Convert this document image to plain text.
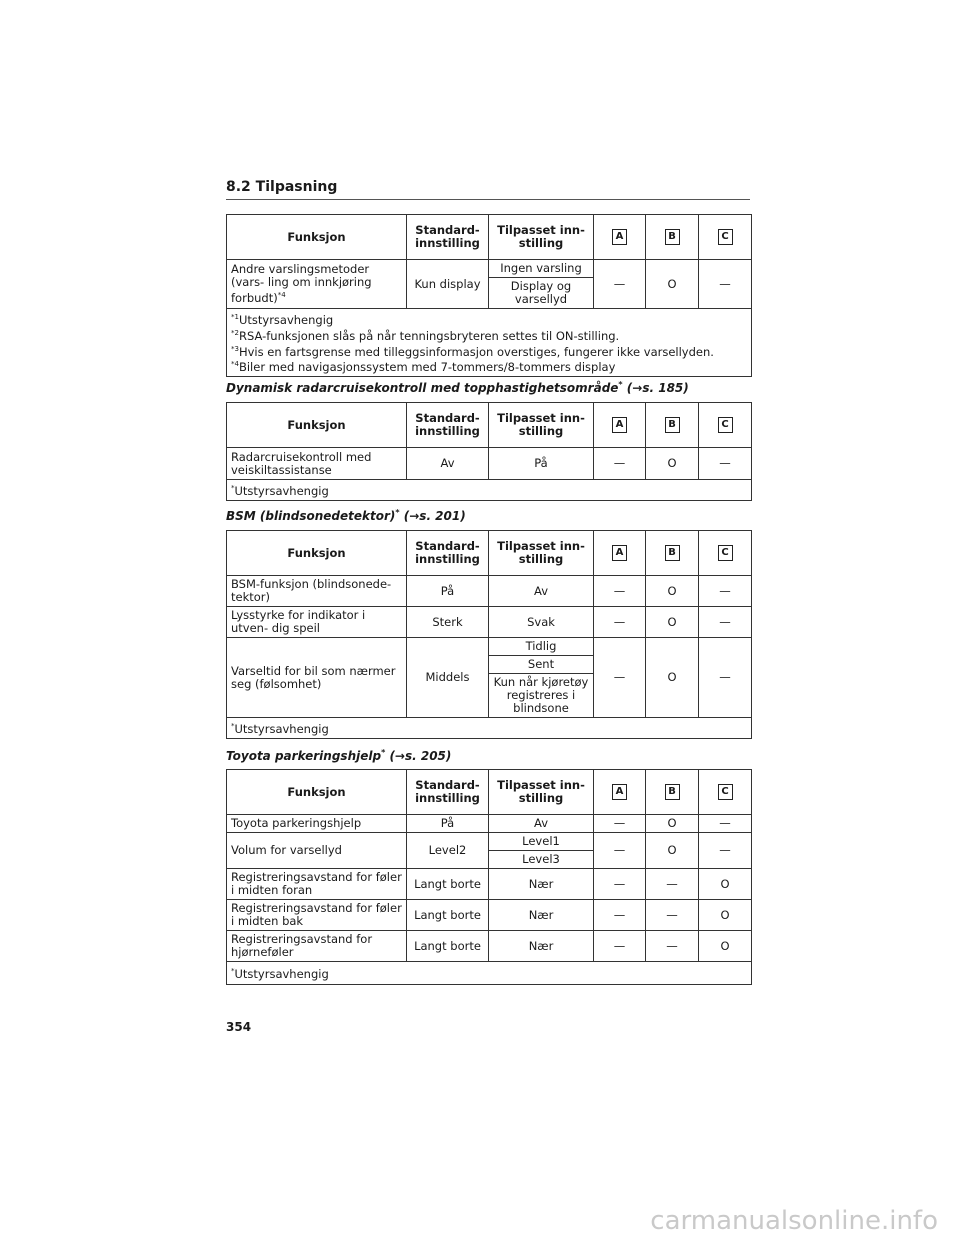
8.2 Tilpasning
Funksjon	Standard- innstilling	Tilpasset inn- stilling	A	B	C
Andre varslingsmetoder (vars- ling om innkjøring forbudt)$^{*4}$	Kun display	Ingen varsling	—	O	—
		Display og varsellyd			

$^{*1}$Utstyrsavhengig
$^{*2}$RSA-funksjonen slås på når tenningsbryteren settes til ON-stilling.
$^{*3}$Hvis en fartsgrense med tilleggsinformasjon overstiges, fungerer ikke varsellyden.
$^{*4}$Biler med navigasjonssystem med 7-tommers/8-tommers display					
Dynamisk radarcruisekontroll med topphastighetsområde* (→s. 185)
Funksjon	Standard- innstilling	Tilpasset inn- stilling	A	B	C
Radarcruisekontroll med veiskiltassistanse	Av	På	—	O	—
*Utstyrsavhengig					
BSM (blindsonedetektor)* (→s. 201)
Funksjon	Standard- innstilling	Tilpasset inn- stilling	A	B	C
BSM-funksjon (blindsonede- tektor)	På	Av	—	O	—
Lysstyrke for indikator i utven- dig speil	Sterk	Svak	—	O	—
Varseltid for bil som nærmer seg (følsomhet)	Middels	Tidlig	—	O	—
		Sent			
		Kun når kjøretøy registreres i blindsone			
*Utstyrsavhengig					
Toyota parkeringshjelp* (→s. 205)
Funksjon	Standard- innstilling	Tilpasset inn- stilling	A	B	C
Toyota parkeringshjelp	På	Av	—	O	—
Volum for varsellyd	Level2	Level1	—	O	—
		Level3			
Registreringsavstand for føler i midten foran	Langt borte	Nær	—	—	O
Registreringsavstand for føler i midten bak	Langt borte	Nær	—	—	O
Registreringsavstand for hjørneføler	Langt borte	Nær	—	—	O
*Utstyrsavhengig					
354
carmanualsonline.info
